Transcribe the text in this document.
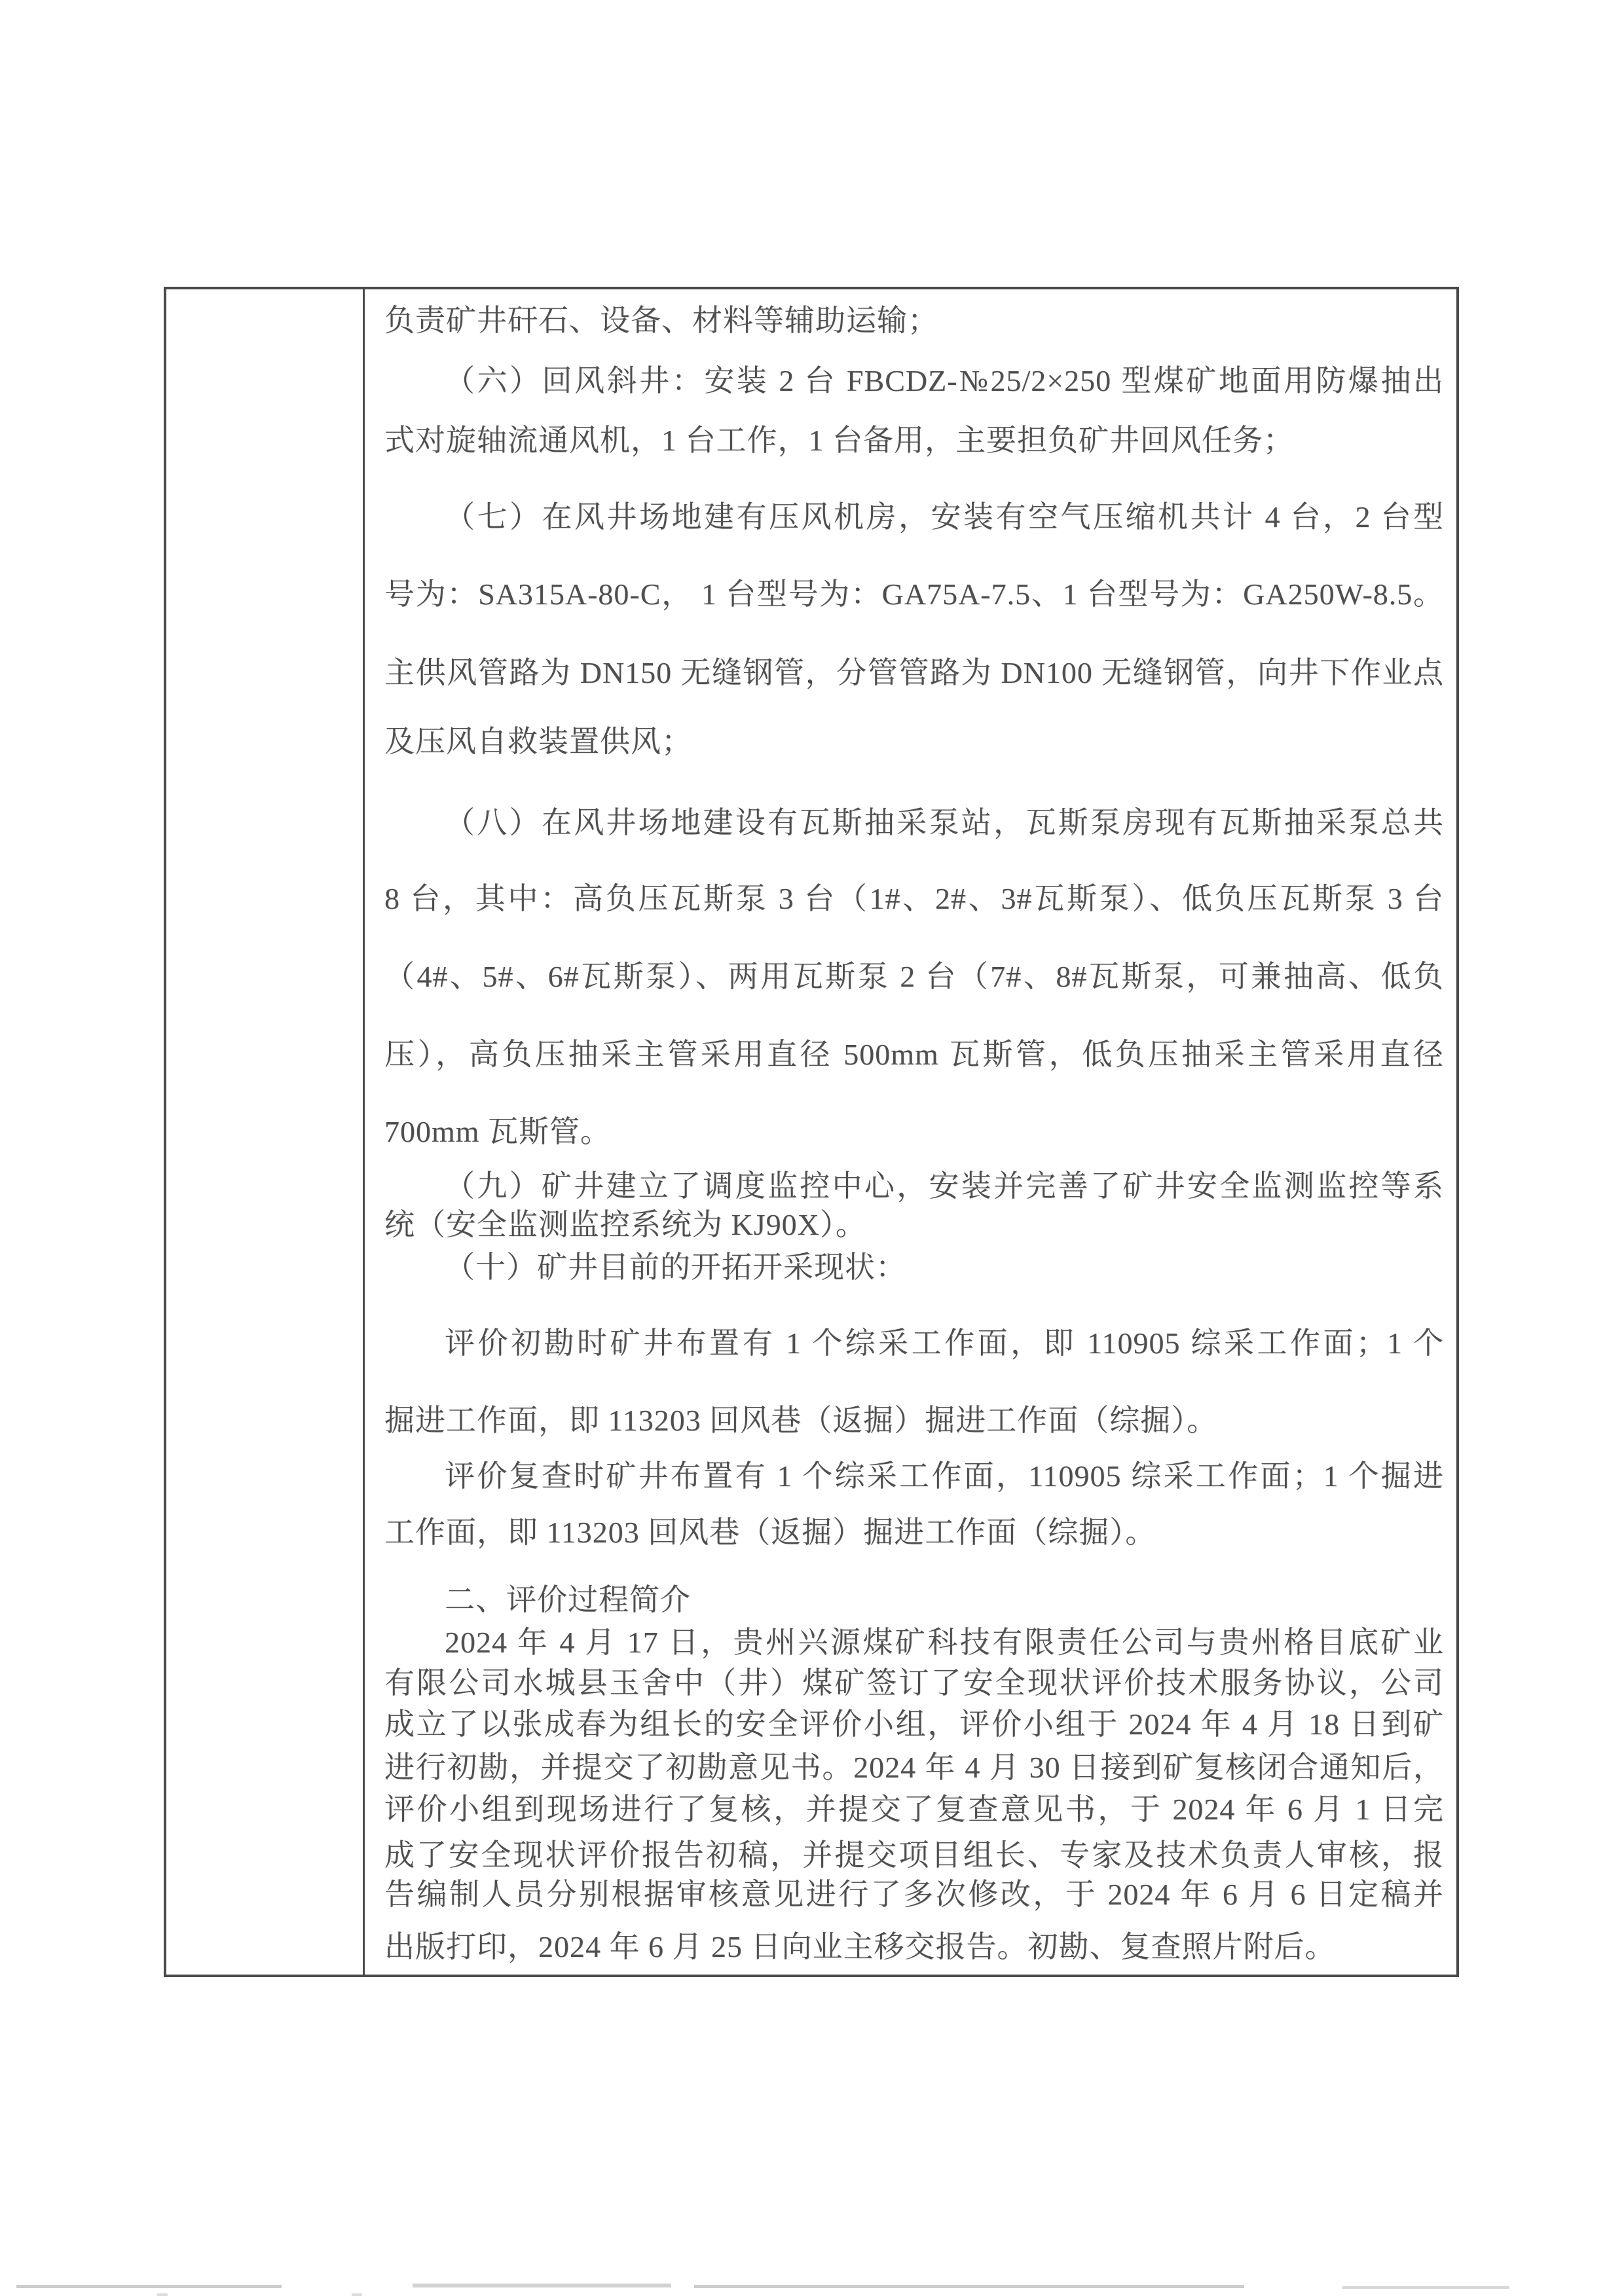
负责矿井矸石、设备、材料等辅助运输；
（六）回风斜井：安装 2 台 FBCDZ-№25/2×250 型煤矿地面用防爆抽出
式对旋轴流通风机，1 台工作，1 台备用，主要担负矿井回风任务；
（七）在风井场地建有压风机房，安装有空气压缩机共计 4 台，2 台型
号为：SA315A-80-C， 1 台型号为：GA75A-7.5、1 台型号为：GA250W-8.5。
主供风管路为 DN150 无缝钢管，分管管路为 DN100 无缝钢管，向井下作业点
及压风自救装置供风；
（八）在风井场地建设有瓦斯抽采泵站，瓦斯泵房现有瓦斯抽采泵总共
8 台，其中：高负压瓦斯泵 3 台（1#、2#、3#瓦斯泵）、低负压瓦斯泵 3 台
（4#、5#、6#瓦斯泵）、两用瓦斯泵 2 台（7#、8#瓦斯泵，可兼抽高、低负
压），高负压抽采主管采用直径 500mm 瓦斯管，低负压抽采主管采用直径
700mm 瓦斯管。
（九）矿井建立了调度监控中心，安装并完善了矿井安全监测监控等系
统（安全监测监控系统为 KJ90X）。
（十）矿井目前的开拓开采现状：
评价初勘时矿井布置有 1 个综采工作面，即 110905 综采工作面；1 个
掘进工作面，即 113203 回风巷（返掘）掘进工作面（综掘）。
评价复查时矿井布置有 1 个综采工作面，110905 综采工作面；1 个掘进
工作面，即 113203 回风巷（返掘）掘进工作面（综掘）。
二、评价过程简介
2024 年 4 月 17 日，贵州兴源煤矿科技有限责任公司与贵州格目底矿业
有限公司水城县玉舍中（井）煤矿签订了安全现状评价技术服务协议，公司
成立了以张成春为组长的安全评价小组，评价小组于 2024 年 4 月 18 日到矿
进行初勘，并提交了初勘意见书。2024 年 4 月 30 日接到矿复核闭合通知后，
评价小组到现场进行了复核，并提交了复查意见书，于 2024 年 6 月 1 日完
成了安全现状评价报告初稿，并提交项目组长、专家及技术负责人审核，报
告编制人员分别根据审核意见进行了多次修改，于 2024 年 6 月 6 日定稿并
出版打印，2024 年 6 月 25 日向业主移交报告。初勘、复查照片附后。
